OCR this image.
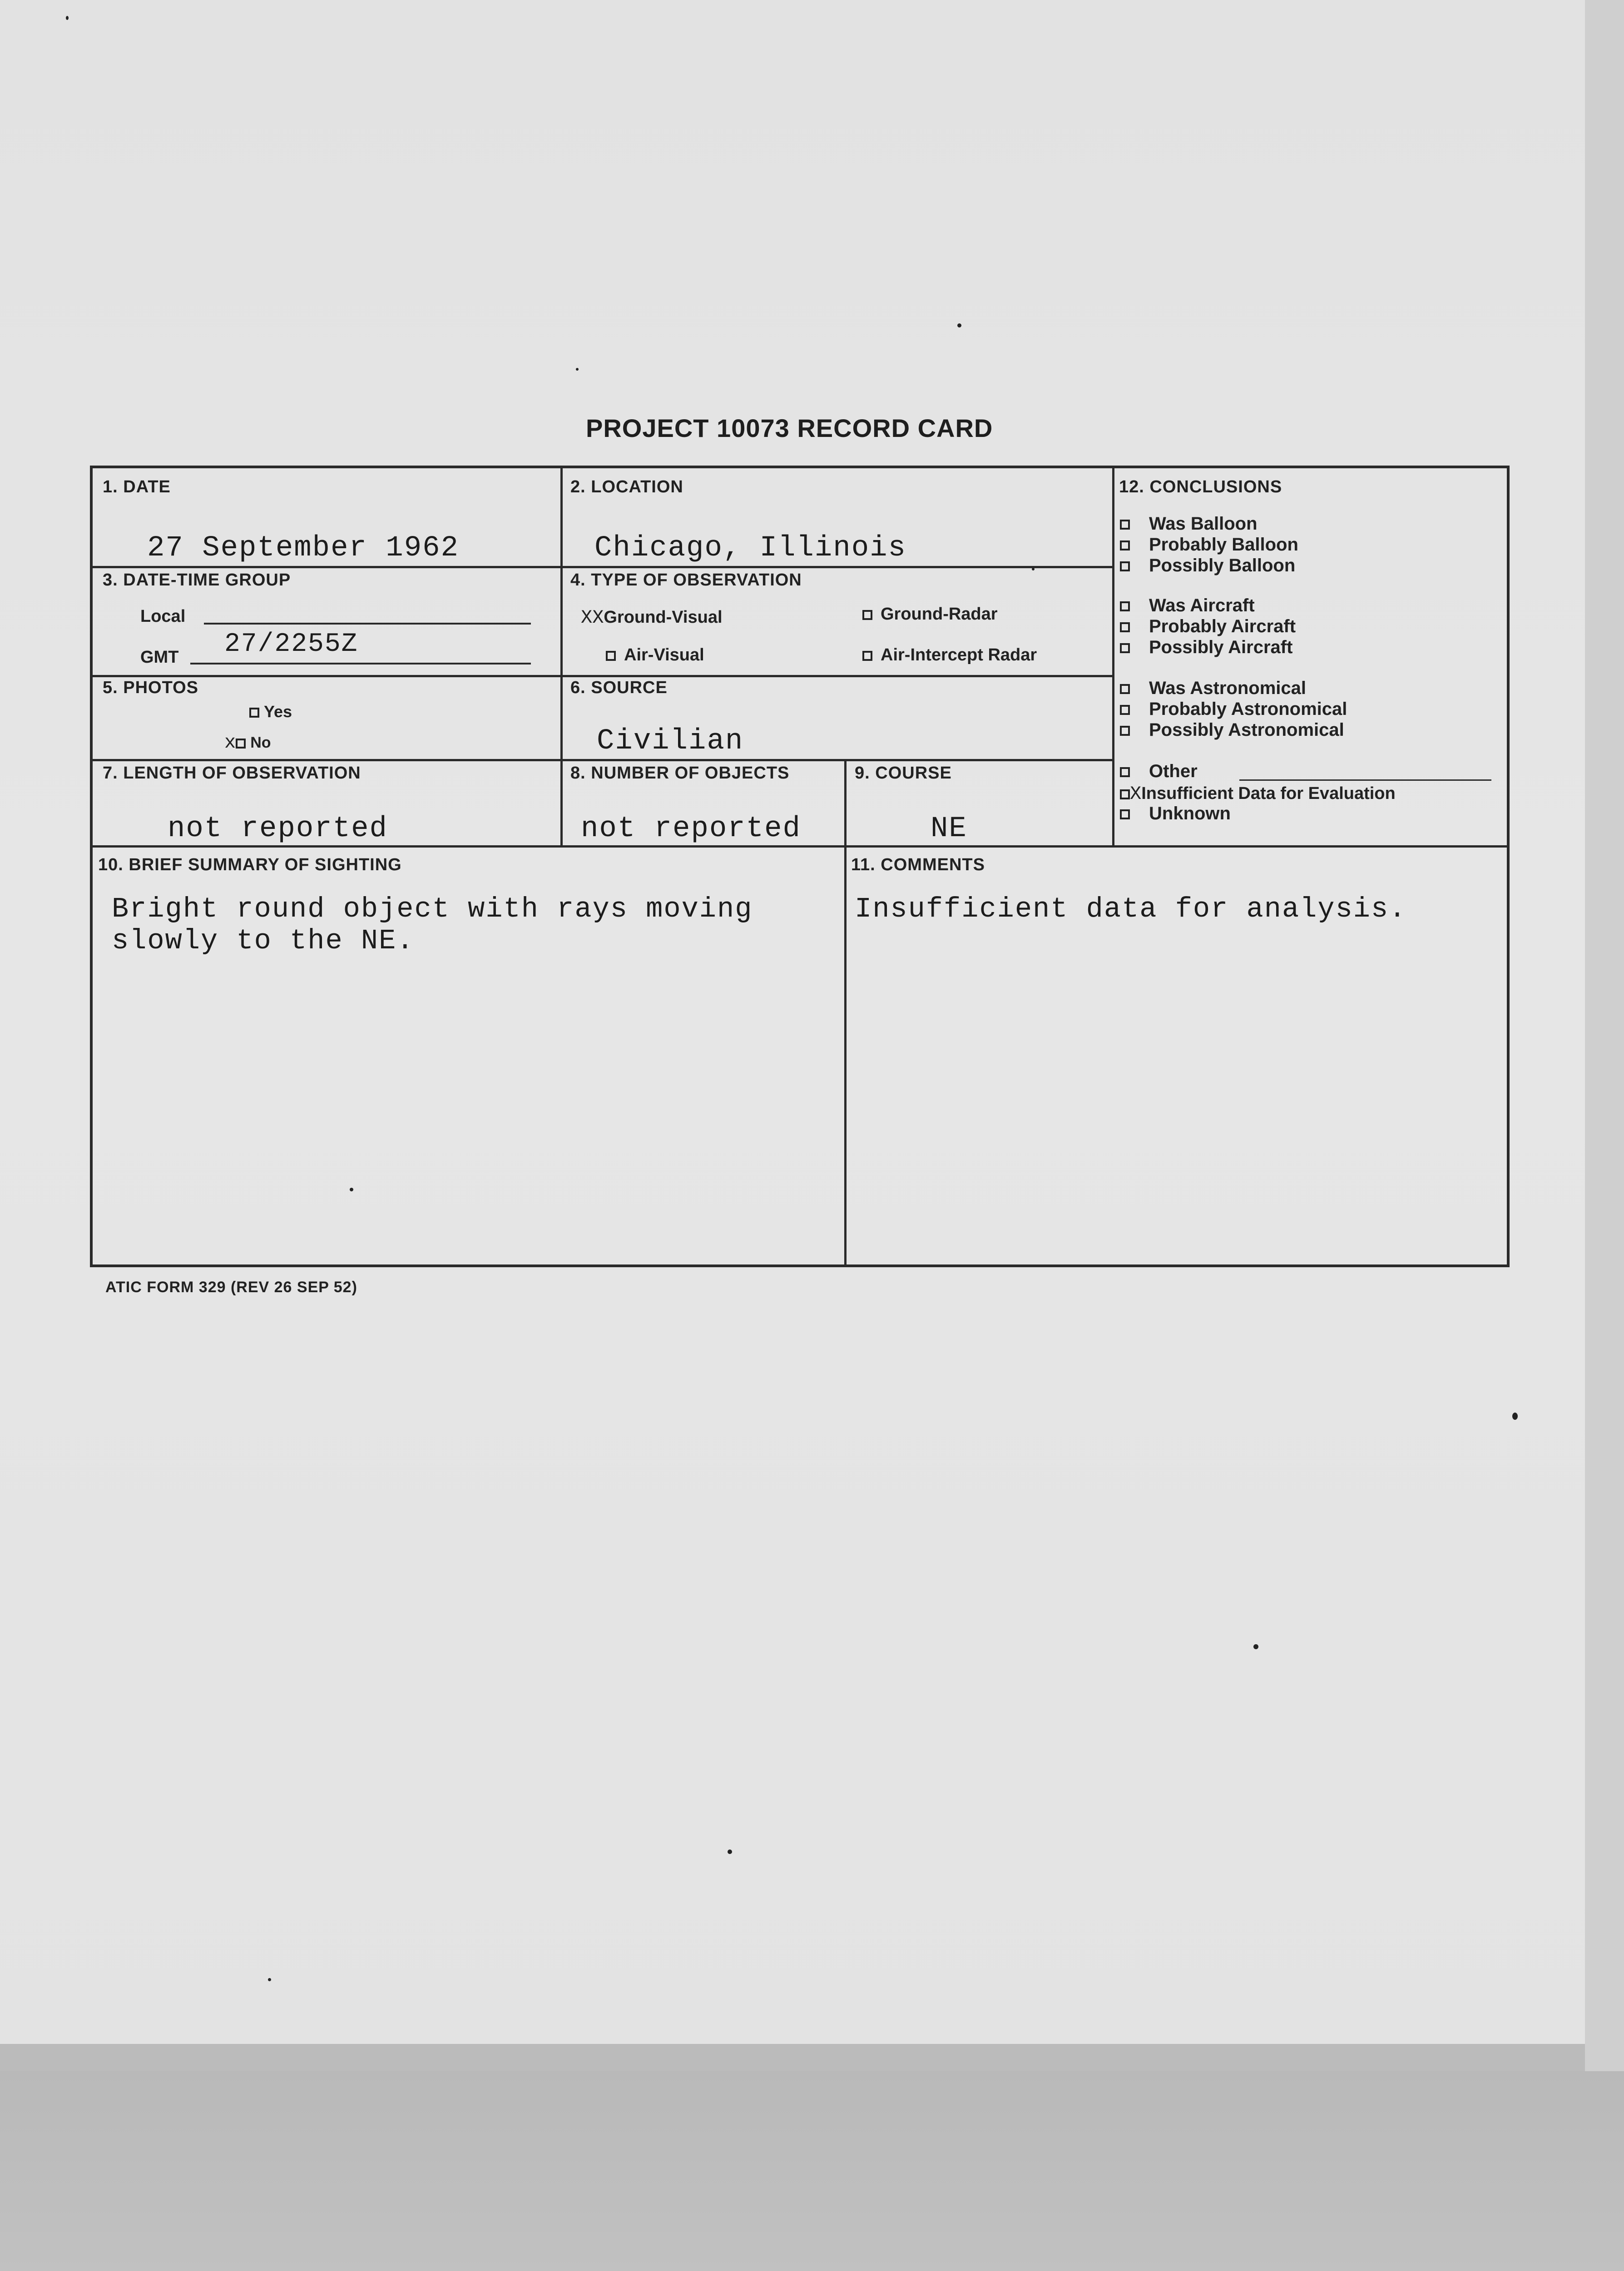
PROJECT 10073 RECORD CARD
1. DATE
27 September 1962
2. LOCATION
Chicago, Illinois
3. DATE-TIME GROUP
Local
GMT 27/2255Z
4. TYPE OF OBSERVATION
XXGround-Visual	Ground-Radar
Air-Visual	Air-Intercept Radar
5. PHOTOS
Yes
x No
6. SOURCE
Civilian
7. LENGTH OF OBSERVATION
not reported
8. NUMBER OF OBJECTS
not reported
9. COURSE
NE
10. BRIEF SUMMARY OF SIGHTING
Bright round object with rays moving
slowly to the NE.
11. COMMENTS
Insufficient data for analysis.
12. CONCLUSIONS
Was Balloon
Probably Balloon
Possibly Balloon
Was Aircraft
Probably Aircraft
Possibly Aircraft
Was Astronomical
Probably Astronomical
Possibly Astronomical
Other
XInsufficient Data for Evaluation
Unknown
ATIC FORM 329 (REV 26 SEP 52)
